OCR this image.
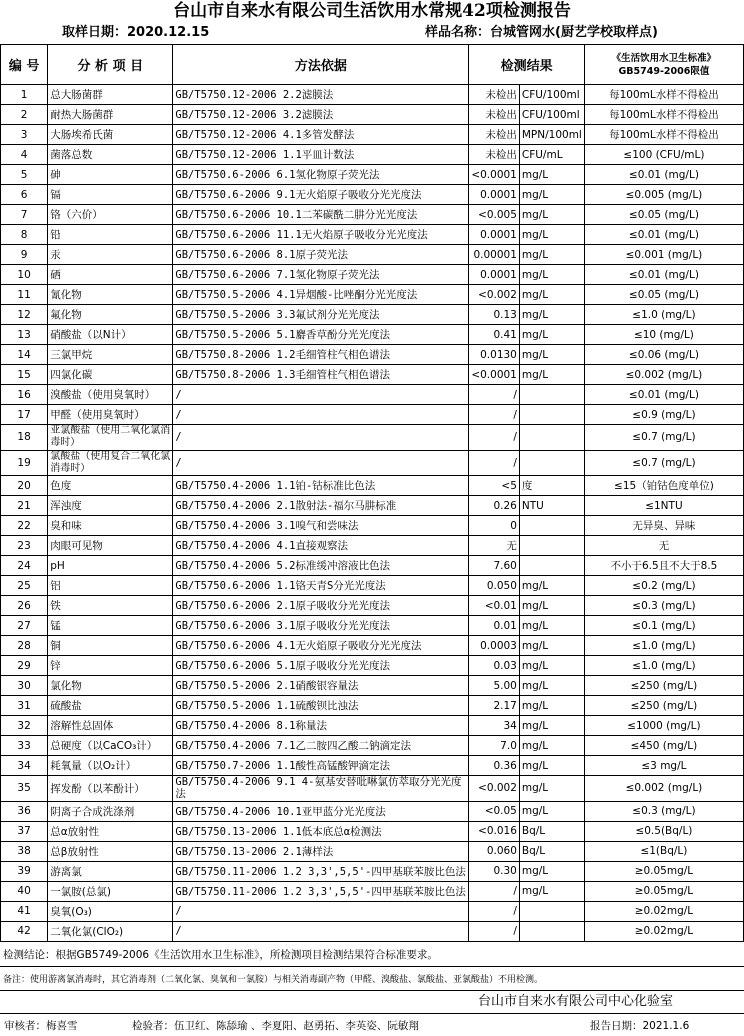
台山市自来水有限公司生活饮用水常规42项检测报告
取样日期：2020.12.15	样品名称：台城管网水(厨艺学校取样点)
编 号	分 析 项 目	方法依据	检测结果		《生活饮用水卫生标准》
GB5749-2006限值

1	总大肠菌群	GB/T5750.12-2006 2.2滤膜法	未检出	CFU/100ml	每100mL水样不得检出
2	耐热大肠菌群	GB/T5750.12-2006 3.2滤膜法	未检出	CFU/100ml	每100mL水样不得检出
3	大肠埃希氏菌	GB/T5750.12-2006 4.1多管发酵法	未检出	MPN/100ml	每100mL水样不得检出
4	菌落总数	GB/T5750.12-2006 1.1平皿计数法	未检出	CFU/mL	≤100 (CFU/mL)
5	砷	GB/T5750.6-2006 6.1氢化物原子荧光法	<0.0001	mg/L	≤0.01 (mg/L)
6	镉	GB/T5750.6-2006 9.1无火焰原子吸收分光光度法	0.0001	mg/L	≤0.005 (mg/L)
7	铬（六价）	GB/T5750.6-2006 10.1二苯碳酰二肼分光光度法	<0.005	mg/L	≤0.05 (mg/L)
8	铅	GB/T5750.6-2006 11.1无火焰原子吸收分光光度法	0.0001	mg/L	≤0.01 (mg/L)
9	汞	GB/T5750.6-2006 8.1原子荧光法	0.00001	mg/L	≤0.001 (mg/L)
10	硒	GB/T5750.6-2006 7.1氢化物原子荧光法	0.0001	mg/L	≤0.01 (mg/L)
11	氰化物	GB/T5750.5-2006 4.1异烟酸-比唑酮分光光度法	<0.002	mg/L	≤0.05 (mg/L)
12	氟化物	GB/T5750.5-2006 3.3氟试剂分光光度法	0.13	mg/L	≤1.0 (mg/L)
13	硝酸盐（以N计）	GB/T5750.5-2006 5.1麝香草酚分光光度法	0.41	mg/L	≤10 (mg/L)
14	三氯甲烷	GB/T5750.8-2006 1.2毛细管柱气相色谱法	0.0130	mg/L	≤0.06 (mg/L)
15	四氯化碳	GB/T5750.8-2006 1.3毛细管柱气相色谱法	<0.0001	mg/L	≤0.002 (mg/L)
16	溴酸盐（使用臭氧时）	/	/		≤0.01 (mg/L)
17	甲醛（使用臭氧时）	/	/		≤0.9 (mg/L)
18	亚氯酸盐（使用二氧化氯消毒时）	/	/		≤0.7 (mg/L)
19	氯酸盐（使用复合二氧化氯消毒时）	/	/		≤0.7 (mg/L)
20	色度	GB/T5750.4-2006 1.1铂-钴标准比色法	<5	度	≤15（铂钴色度单位)
21	浑浊度	GB/T5750.4-2006 2.1散射法-福尔马肼标准	0.26	NTU	≤1NTU
22	臭和味	GB/T5750.4-2006 3.1嗅气和尝味法	0		无异臭、异味
23	肉眼可见物	GB/T5750.4-2006 4.1直接观察法	无		无
24	pH	GB/T5750.4-2006 5.2标准缓冲溶液比色法	7.60		不小于6.5且不大于8.5
25	铝	GB/T5750.6-2006 1.1铬天青S分光光度法	0.050	mg/L	≤0.2 (mg/L)
26	铁	GB/T5750.6-2006 2.1原子吸收分光光度法	<0.01	mg/L	≤0.3 (mg/L)
27	锰	GB/T5750.6-2006 3.1原子吸收分光光度法	0.01	mg/L	≤0.1 (mg/L)
28	铜	GB/T5750.6-2006 4.1无火焰原子吸收分光光度法	0.0003	mg/L	≤1.0 (mg/L)
29	锌	GB/T5750.6-2006 5.1原子吸收分光光度法	0.03	mg/L	≤1.0 (mg/L)
30	氯化物	GB/T5750.5-2006 2.1硝酸银容量法	5.00	mg/L	≤250 (mg/L)
31	硫酸盐	GB/T5750.5-2006 1.1硫酸钡比浊法	2.17	mg/L	≤250 (mg/L)
32	溶解性总固体	GB/T5750.4-2006 8.1称量法	34	mg/L	≤1000 (mg/L)
33	总硬度（以CaCO₃计）	GB/T5750.4-2006 7.1乙二胺四乙酸二钠滴定法	7.0	mg/L	≤450 (mg/L)
34	耗氧量（以O₂计）	GB/T5750.7-2006 1.1酸性高锰酸钾滴定法	0.36	mg/L	≤3 mg/L
35	挥发酚（以苯酚计）	GB/T5750.4-2006 9.1 4-氨基安替吡啉氯仿萃取分光光度法	<0.002	mg/L	≤0.002 (mg/L)
36	阴离子合成洗涤剂	GB/T5750.4-2006 10.1亚甲蓝分光光度法	<0.05	mg/L	≤0.3 (mg/L)
37	总α放射性	GB/T5750.13-2006 1.1低本底总α检测法	<0.016	Bq/L	≤0.5(Bq/L)
38	总β放射性	GB/T5750.13-2006 2.1薄样法	0.060	Bq/L	≤1(Bq/L)
39	游离氯	GB/T5750.11-2006 1.2 3,3',5,5'-四甲基联苯胺比色法	0.30	mg/L	≥0.05mg/L
40	一氯胺(总氯)	GB/T5750.11-2006 1.2 3,3',5,5'-四甲基联苯胺比色法	/	mg/L	≥0.05mg/L
41	臭氧(O₃)	/	/		≥0.02mg/L
42	二氧化氯(ClO₂)	/	/		≥0.02mg/L
检测结论：根据GB5749-2006《生活饮用水卫生标准》，所检测项目检测结果符合标准要求。
备注：使用游离氯消毒时，其它消毒剂（二氧化氯、臭氧和一氯胺）与相关消毒副产物（甲醛、溴酸盐、氯酸盐、亚氯酸盐）不用检测。
台山市自来水有限公司中心化验室
审核者：梅喜雪	检验者：伍卫红、陈舔瑜 、李夏阳、赵勇拓、李英姿、阮敏翔	报告日期：2021.1.6
